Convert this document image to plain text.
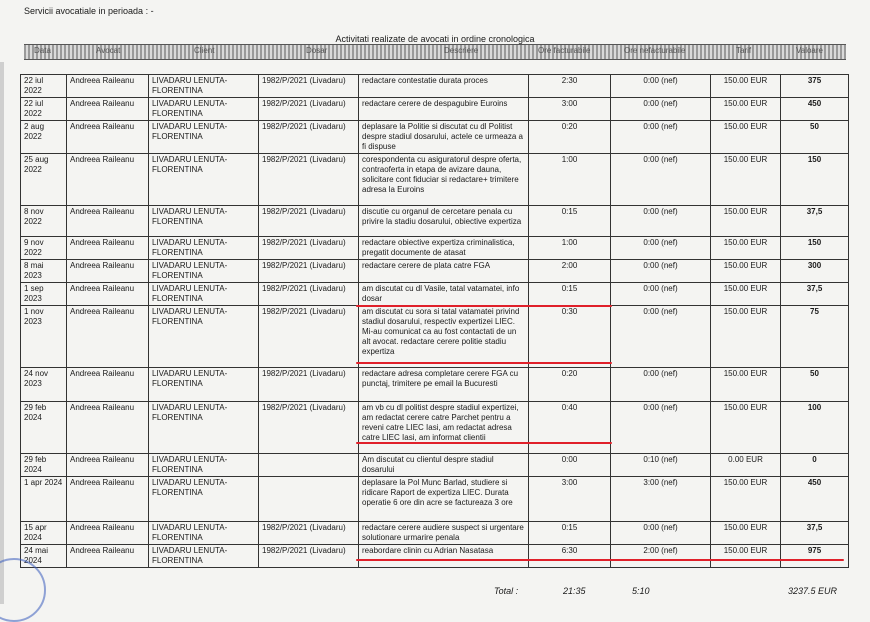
Servicii avocatiale in perioada : -
Activitati realizate de avocati in ordine cronologica
Data	Avocat	Client	Dosar	Descriere	Ore facturabile	Ore nefacturabile	Tarif	Valoare
22 iul 2022	Andreea Raileanu	LIVADARU LENUTA-FLORENTINA	1982/P/2021 (Livadaru)	redactare contestatie durata proces	2:30	0:00 (nef)	150.00 EUR	375
22 iul 2022	Andreea Raileanu	LIVADARU LENUTA-FLORENTINA	1982/P/2021 (Livadaru)	redactare cerere de despagubire Euroins	3:00	0:00 (nef)	150.00 EUR	450
2 aug 2022	Andreea Raileanu	LIVADARU LENUTA-FLORENTINA	1982/P/2021 (Livadaru)	deplasare la Politie si discutat cu dl Politist despre stadiul dosarului, actele ce urmeaza a fi dispuse	0:20	0:00 (nef)	150.00 EUR	50
25 aug 2022	Andreea Raileanu	LIVADARU LENUTA-FLORENTINA	1982/P/2021 (Livadaru)	corespondenta cu asiguratorul despre oferta, contraoferta in etapa de avizare dauna, solicitare cont fiduciar si redactare+ trimitere adresa la Euroins	1:00	0:00 (nef)	150.00 EUR	150
8 nov 2022	Andreea Raileanu	LIVADARU LENUTA-FLORENTINA	1982/P/2021 (Livadaru)	discutie cu organul de cercetare penala cu privire la stadiu dosarului, obiective expertiza	0:15	0:00 (nef)	150.00 EUR	37,5
9 nov 2022	Andreea Raileanu	LIVADARU LENUTA-FLORENTINA	1982/P/2021 (Livadaru)	redactare obiective expertiza criminalistica, pregatit documente de atasat	1:00	0:00 (nef)	150.00 EUR	150
8 mai 2023	Andreea Raileanu	LIVADARU LENUTA-FLORENTINA	1982/P/2021 (Livadaru)	redactare cerere de plata catre FGA	2:00	0:00 (nef)	150.00 EUR	300
1 sep 2023	Andreea Raileanu	LIVADARU LENUTA-FLORENTINA	1982/P/2021 (Livadaru)	am discutat cu dl Vasile, tatal vatamatei, info dosar	0:15	0:00 (nef)	150.00 EUR	37,5
1 nov 2023	Andreea Raileanu	LIVADARU LENUTA-FLORENTINA	1982/P/2021 (Livadaru)	am discutat cu sora si tatal vatamatei privind stadiul dosarului, respectiv expertizei LIEC. Mi-au comunicat ca au fost contactati de un alt avocat. redactare cerere politie stadiu expertiza	0:30	0:00 (nef)	150.00 EUR	75
24 nov 2023	Andreea Raileanu	LIVADARU LENUTA-FLORENTINA	1982/P/2021 (Livadaru)	redactare adresa completare cerere FGA cu punctaj, trimitere pe email la Bucuresti	0:20	0:00 (nef)	150.00 EUR	50
29 feb 2024	Andreea Raileanu	LIVADARU LENUTA-FLORENTINA	1982/P/2021 (Livadaru)	am vb cu dl politist despre stadiul expertizei, am redactat cerere catre Parchet pentru a reveni catre LIEC Iasi, am redactat adresa catre LIEC Iasi, am informat clientii	0:40	0:00 (nef)	150.00 EUR	100
29 feb 2024	Andreea Raileanu	LIVADARU LENUTA-FLORENTINA		Am discutat cu clientul despre stadiul dosarului	0:00	0:10 (nef)	0.00 EUR	0
1 apr 2024	Andreea Raileanu	LIVADARU LENUTA-FLORENTINA		deplasare la Pol Munc Barlad, studiere si ridicare Raport de expertiza LIEC. Durata operatie 6 ore din acre se factureaza 3 ore	3:00	3:00 (nef)	150.00 EUR	450
15 apr 2024	Andreea Raileanu	LIVADARU LENUTA-FLORENTINA	1982/P/2021 (Livadaru)	redactare cerere audiere suspect si urgentare solutionare urmarire penala	0:15	0:00 (nef)	150.00 EUR	37,5
24 mai 2024	Andreea Raileanu	LIVADARU LENUTA-FLORENTINA	1982/P/2021 (Livadaru)	reabordare clinin cu Adrian Nasatasa	6:30	2:00 (nef)	150.00 EUR	975
Total :	21:35	5:10	3237.5 EUR
